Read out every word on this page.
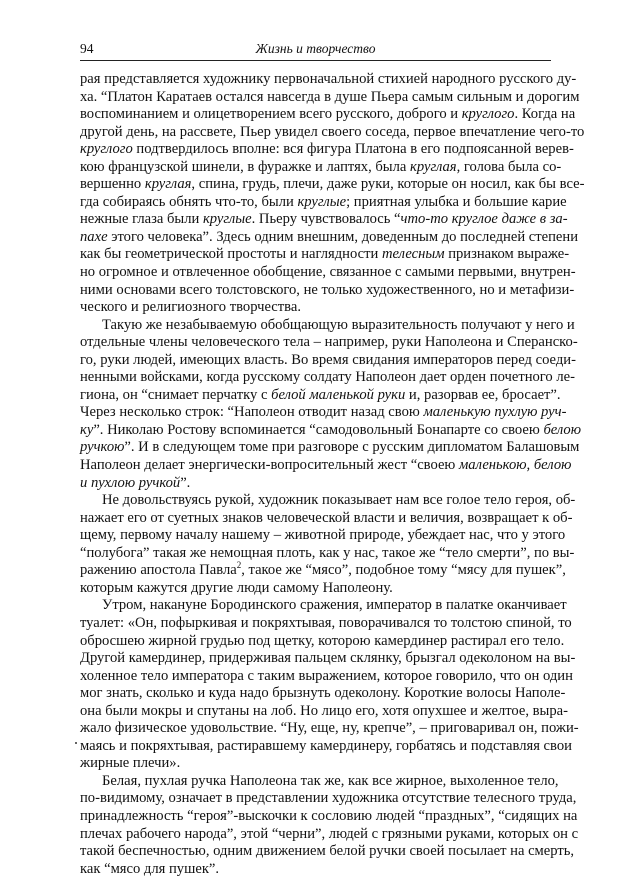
94	Жизнь и творчество
рая представляется художнику первоначальной стихией народного русского ду-
ха. “Платон Каратаев остался навсегда в душе Пьера самым сильным и дорогим
воспоминанием и олицетворением всего русского, доброго и круглого. Когда на
другой день, на рассвете, Пьер увидел своего соседа, первое впечатление чего-то
круглого подтвердилось вполне: вся фигура Платона в его подпоясанной верев-
кою французской шинели, в фуражке и лаптях, была круглая, голова была со-
вершенно круглая, спина, грудь, плечи, даже руки, которые он носил, как бы все-
гда собираясь обнять что-то, были круглые; приятная улыбка и большие карие
нежные глаза были круглые. Пьеру чувствовалось “что-то круглое даже в за-
пахе этого человека”. Здесь одним внешним, доведенным до последней степени
как бы геометрической простоты и наглядности телесным признаком выраже-
но огромное и отвлеченное обобщение, связанное с самыми первыми, внутрен-
ними основами всего толстовского, не только художественного, но и метафизи-
ческого и религиозного творчества.
Такую же незабываемую обобщающую выразительность получают у него и
отдельные члены человеческого тела – например, руки Наполеона и Сперанско-
го, руки людей, имеющих власть. Во время свидания императоров перед соеди-
ненными войсками, когда русскому солдату Наполеон дает орден почетного ле-
гиона, он “снимает перчатку с белой маленькой руки и, разорвав ее, бросает”.
Через несколько строк: “Наполеон отводит назад свою маленькую пухлую руч-
ку”. Николаю Ростову вспоминается “самодовольный Бонапарте со своею белою
ручкою”. И в следующем томе при разговоре с русским дипломатом Балашовым
Наполеон делает энергически-вопросительный жест “своею маленькою, белою
и пухлою ручкой”.
Не довольствуясь рукой, художник показывает нам все голое тело героя, об-
нажает его от суетных знаков человеческой власти и величия, возвращает к об-
щему, первому началу нашему – животной природе, убеждает нас, что у этого
“полубога” такая же немощная плоть, как у нас, такое же “тело смерти”, по вы-
ражению апостола Павла$^2$, такое же “мясо”, подобное тому “мясу для пушек”,
которым кажутся другие люди самому Наполеону.
Утром, накануне Бородинского сражения, император в палатке оканчивает
туалет: «Он, пофыркивая и покряхтывая, поворачивался то толстою спиной, то
обросшею жирной грудью под щетку, которою камердинер растирал его тело.
Другой камердинер, придерживая пальцем склянку, брызгал одеколоном на вы-
холенное тело императора с таким выражением, которое говорило, что он один
мог знать, сколько и куда надо брызнуть одеколону. Короткие волосы Наполе-
она были мокры и спутаны на лоб. Но лицо его, хотя опухшее и желтое, выра-
жало физическое удовольствие. “Ну, еще, ну, крепче”, – приговаривал он, пожи-
маясь и покряхтывая, растиравшему камердинеру, горбатясь и подставляя свои
жирные плечи».
Белая, пухлая ручка Наполеона так же, как все жирное, выхоленное тело,
по-видимому, означает в представлении художника отсутствие телесного труда,
принадлежность “героя”-выскочки к сословию людей “праздных”, “сидящих на
плечах рабочего народа”, этой “черни”, людей с грязными руками, которых он с
такой беспечностью, одним движением белой ручки своей посылает на смерть,
как “мясо для пушек”.
